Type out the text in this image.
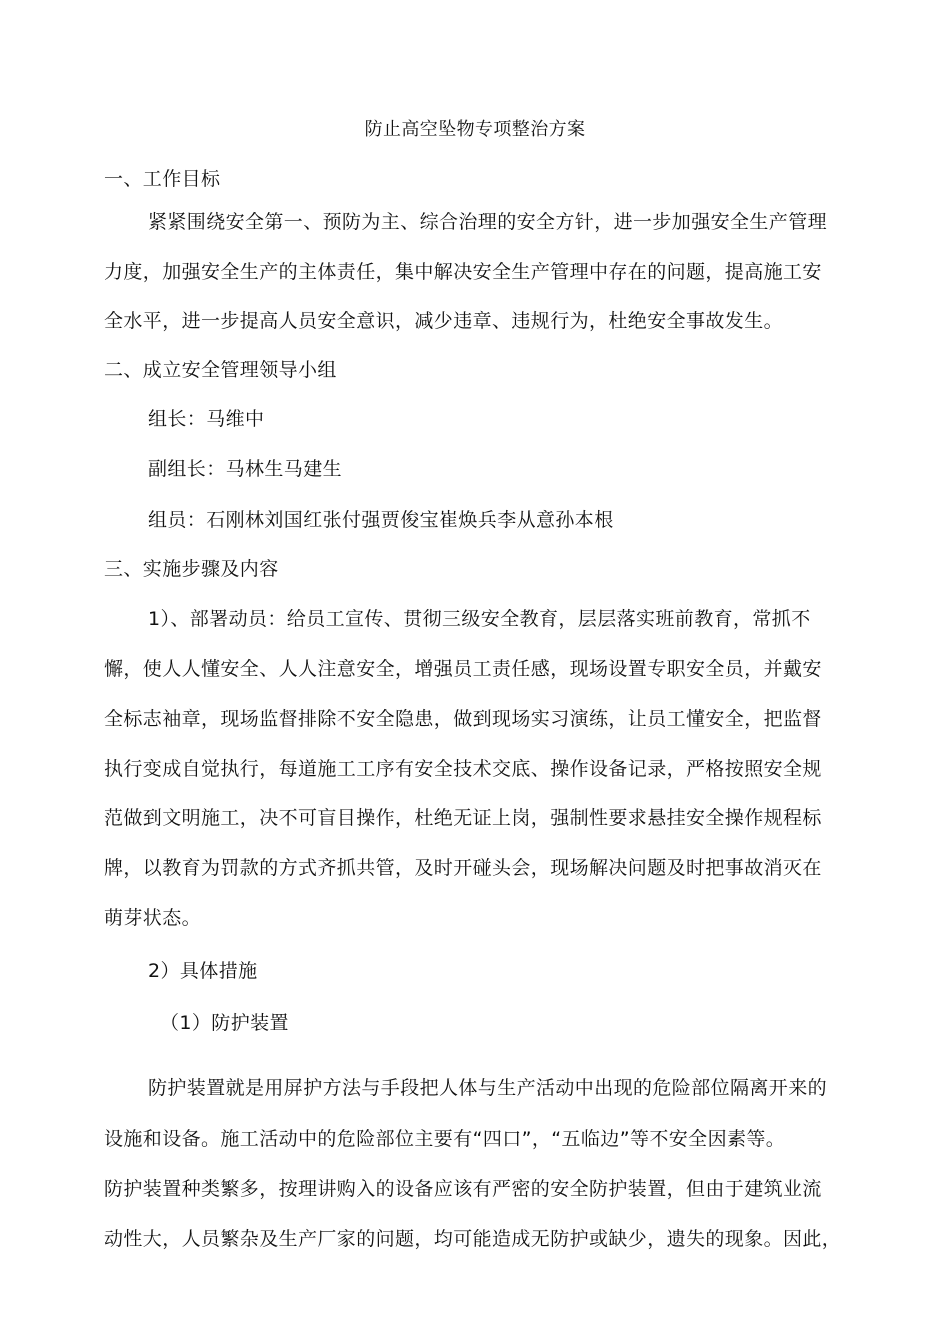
防止高空坠物专项整治方案
一、工作目标
紧紧围绕安全第一、预防为主、综合治理的安全方针，进一步加强安全生产管理
力度，加强安全生产的主体责任，集中解决安全生产管理中存在的问题，提高施工安
全水平，进一步提高人员安全意识，减少违章、违规行为，杜绝安全事故发生。
二、成立安全管理领导小组
组长：马维中
副组长：马林生马建生
组员：石刚林刘国红张付强贾俊宝崔焕兵李从意孙本根
三、实施步骤及内容
1）、部署动员：给员工宣传、贯彻三级安全教育，层层落实班前教育，常抓不
懈，使人人懂安全、人人注意安全，增强员工责任感，现场设置专职安全员，并戴安
全标志袖章，现场监督排除不安全隐患，做到现场实习演练，让员工懂安全，把监督
执行变成自觉执行，每道施工工序有安全技术交底、操作设备记录，严格按照安全规
范做到文明施工，决不可盲目操作，杜绝无证上岗，强制性要求悬挂安全操作规程标
牌，以教育为罚款的方式齐抓共管，及时开碰头会，现场解决问题及时把事故消灭在
萌芽状态。
2）具体措施
（1）防护装置
防护装置就是用屏护方法与手段把人体与生产活动中出现的危险部位隔离开来的
设施和设备。施工活动中的危险部位主要有“四口”，“五临边”等不安全因素等。
防护装置种类繁多，按理讲购入的设备应该有严密的安全防护装置，但由于建筑业流
动性大，人员繁杂及生产厂家的问题，均可能造成无防护或缺少，遗失的现象。因此，
